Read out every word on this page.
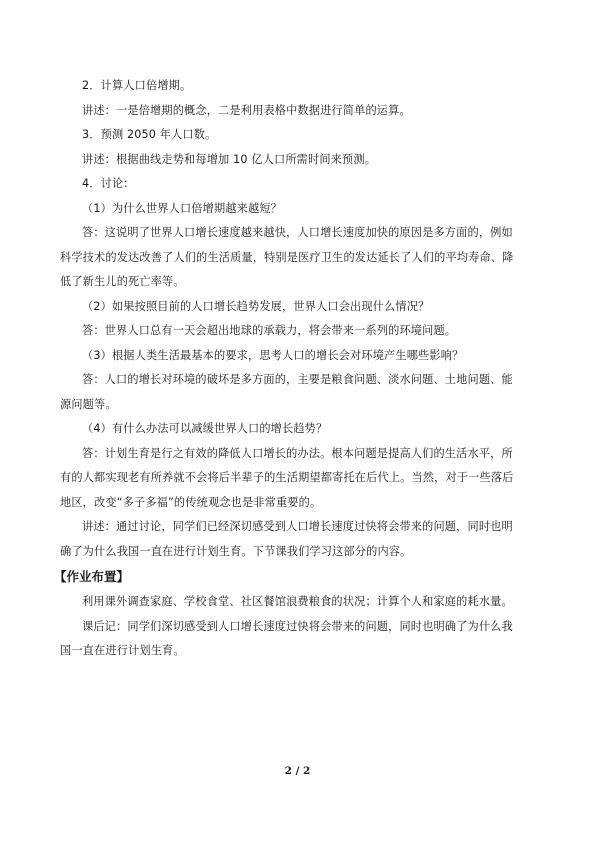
2．计算人口倍增期。
讲述：一是倍增期的概念，二是利用表格中数据进行简单的运算。
3．预测 2050 年人口数。
讲述：根据曲线走势和每增加 10 亿人口所需时间来预测。
4．讨论：
（1）为什么世界人口倍增期越来越短？
答：这说明了世界人口增长速度越来越快，人口增长速度加快的原因是多方面的，例如
科学技术的发达改善了人们的生活质量，特别是医疗卫生的发达延长了人们的平均寿命、降
低了新生儿的死亡率等。
（2）如果按照目前的人口增长趋势发展，世界人口会出现什么情况？
答：世界人口总有一天会超出地球的承载力，将会带来一系列的环境问题。
（3）根据人类生活最基本的要求，思考人口的增长会对环境产生哪些影响？
答：人口的增长对环境的破坏是多方面的，主要是粮食问题、淡水问题、土地问题、能
源问题等。
（4）有什么办法可以减缓世界人口的增长趋势？
答：计划生育是行之有效的降低人口增长的办法。根本问题是提高人们的生活水平，所
有的人都实现老有所养就不会将后半辈子的生活期望都寄托在后代上。当然，对于一些落后
地区，改变“多子多福”的传统观念也是非常重要的。
讲述：通过讨论，同学们已经深切感受到人口增长速度过快将会带来的问题，同时也明
确了为什么我国一直在进行计划生育。下节课我们学习这部分的内容。
【作业布置】
利用课外调查家庭、学校食堂、社区餐馆浪费粮食的状况；计算个人和家庭的耗水量。
课后记：同学们深切感受到人口增长速度过快将会带来的问题，同时也明确了为什么我
国一直在进行计划生育。
2 / 2
